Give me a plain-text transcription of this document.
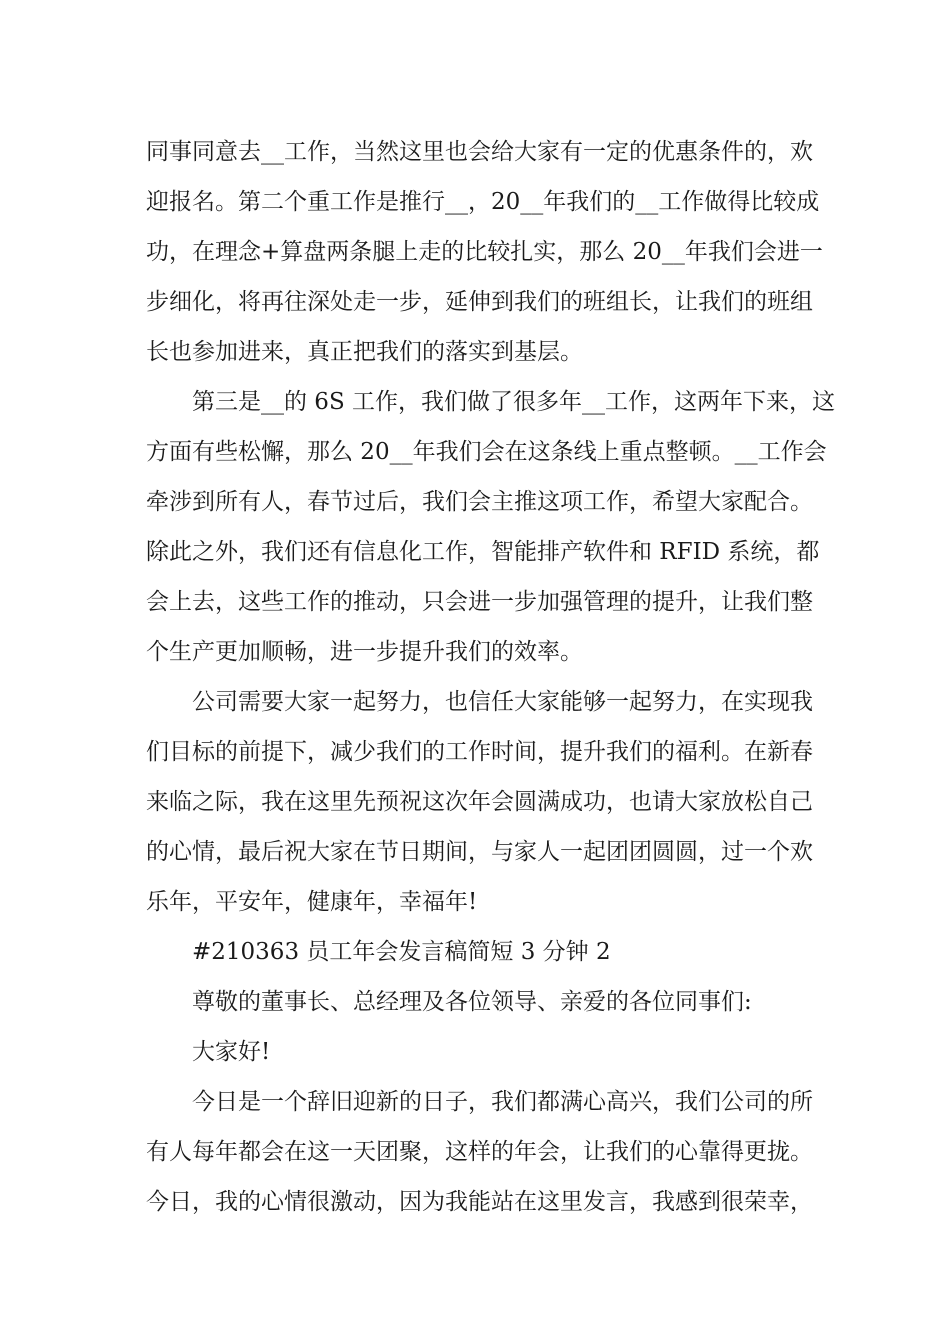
同事同意去__工作，当然这里也会给大家有一定的优惠条件的，欢
迎报名。第二个重工作是推行__，20__年我们的__工作做得比较成
功，在理念+算盘两条腿上走的比较扎实，那么 20__年我们会进一
步细化，将再往深处走一步，延伸到我们的班组长，让我们的班组
长也参加进来，真正把我们的落实到基层。
第三是__的 6S 工作，我们做了很多年__工作，这两年下来，这
方面有些松懈，那么 20__年我们会在这条线上重点整顿。__工作会
牵涉到所有人，春节过后，我们会主推这项工作，希望大家配合。
除此之外，我们还有信息化工作，智能排产软件和 RFID 系统，都
会上去，这些工作的推动，只会进一步加强管理的提升，让我们整
个生产更加顺畅，进一步提升我们的效率。
公司需要大家一起努力，也信任大家能够一起努力，在实现我
们目标的前提下，减少我们的工作时间，提升我们的福利。在新春
来临之际，我在这里先预祝这次年会圆满成功，也请大家放松自己
的心情，最后祝大家在节日期间，与家人一起团团圆圆，过一个欢
乐年，平安年，健康年，幸福年!
#210363 员工年会发言稿简短 3 分钟 2
尊敬的董事长、总经理及各位领导、亲爱的各位同事们:
大家好!
今日是一个辞旧迎新的日子，我们都满心高兴，我们公司的所
有人每年都会在这一天团聚，这样的年会，让我们的心靠得更拢。
今日，我的心情很激动，因为我能站在这里发言，我感到很荣幸，
